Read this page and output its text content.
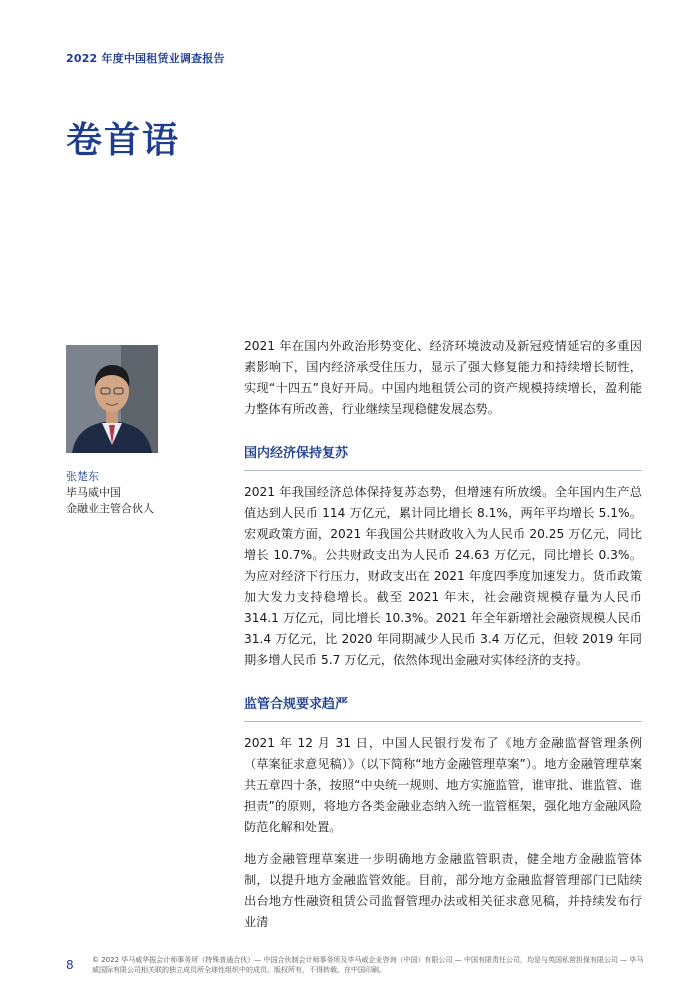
2022 年度中国租赁业调查报告
卷首语
张楚东
毕马威中国
金融业主管合伙人

2021 年在国内外政治形势变化、经济环境波动及新冠疫情延宕的多重因素影响下，国内经济承受住压力，显示了强大修复能力和持续增长韧性，实现“十四五”良好开局。中国内地租赁公司的资产规模持续增长，盈利能力整体有所改善，行业继续呈现稳健发展态势。

国内经济保持复苏

2021 年我国经济总体保持复苏态势，但增速有所放缓。全年国内生产总值达到人民币 114 万亿元，累计同比增长 8.1%，两年平均增长 5.1%。宏观政策方面，2021 年我国公共财政收入为人民币 20.25 万亿元，同比增长 10.7%。公共财政支出为人民币 24.63 万亿元，同比增长 0.3%。为应对经济下行压力，财政支出在 2021 年度四季度加速发力。货币政策加大发力支持稳增长。截至 2021 年末，社会融资规模存量为人民币 314.1 万亿元，同比增长 10.3%。2021 年全年新增社会融资规模人民币 31.4 万亿元，比 2020 年同期减少人民币 3.4 万亿元，但较 2019 年同期多增人民币 5.7 万亿元，依然体现出金融对实体经济的支持。

监管合规要求趋严

2021 年 12 月 31 日，中国人民银行发布了《地方金融监督管理条例（草案征求意见稿）》（以下简称“地方金融管理草案”）。地方金融管理草案共五章四十条，按照“中央统一规则、地方实施监管，谁审批、谁监管、谁担责”的原则，将地方各类金融业态纳入统一监管框架，强化地方金融风险防范化解和处置。

地方金融管理草案进一步明确地方金融监管职责，健全地方金融监管体制，以提升地方金融监管效能。目前，部分地方金融监督管理部门已陆续出台地方性融资租赁公司监督管理办法或相关征求意见稿，并持续发布行业清

8	© 2022 毕马威华振会计师事务所（特殊普通合伙）— 中国合伙制会计师事务所及毕马威企业咨询（中国）有限公司 — 中国有限责任公司，均是与英国私营担保有限公司 — 毕马威国际有限公司相关联的独立成员所全球性组织中的成员。版权所有，不得转载。在中国印刷。
